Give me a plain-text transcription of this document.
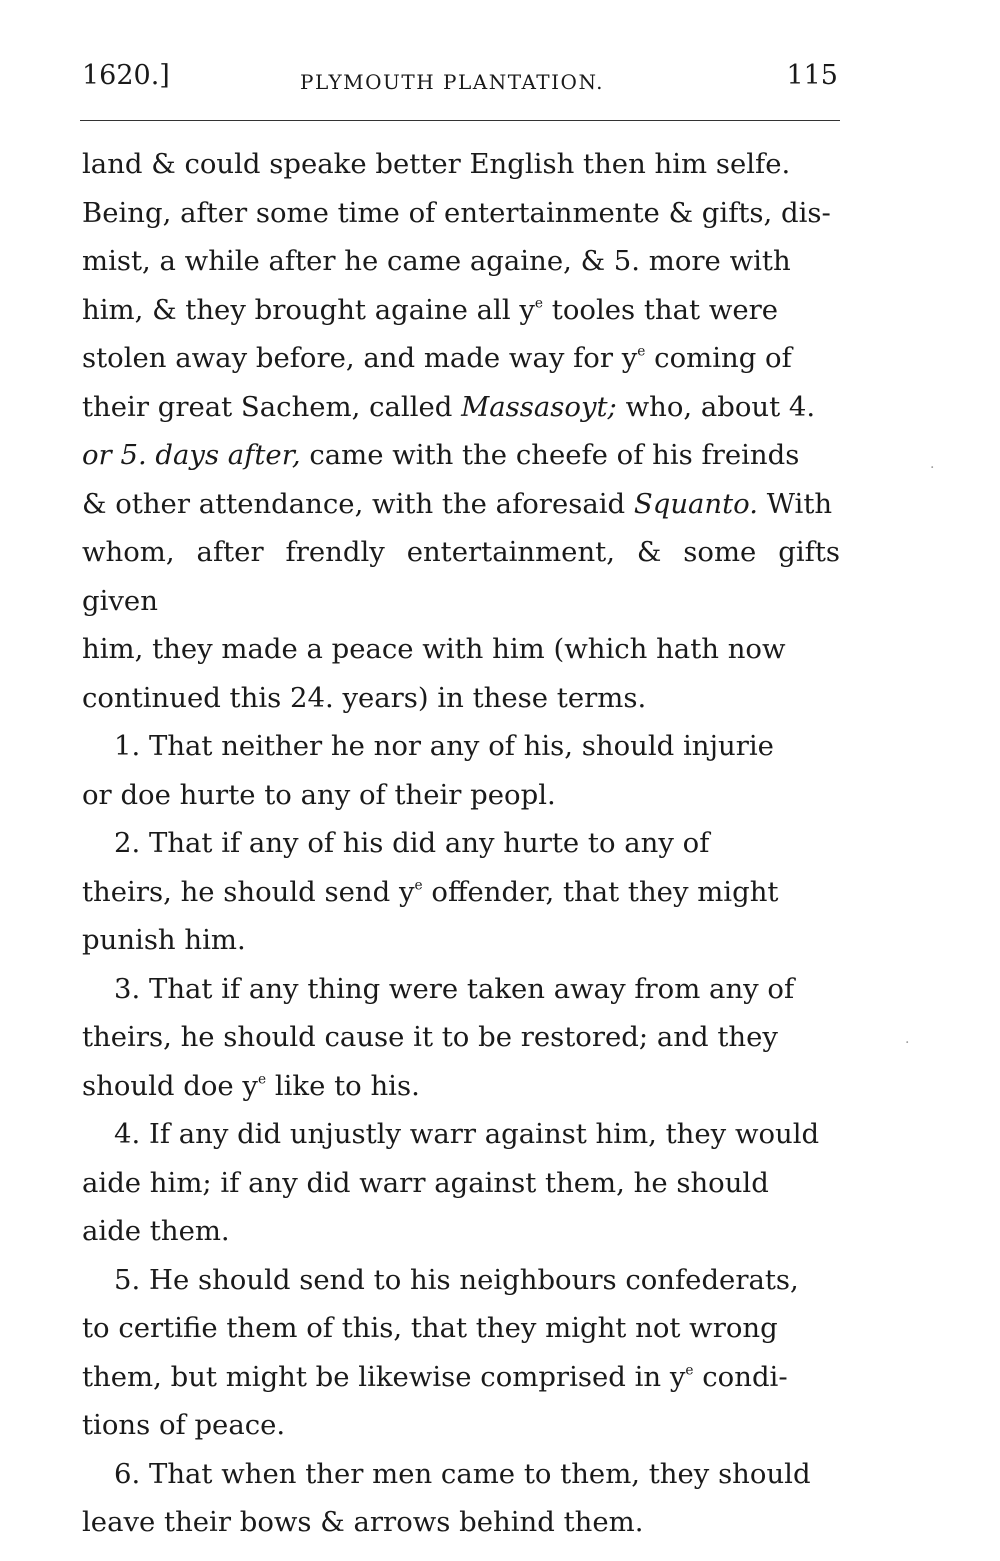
1620.]	PLYMOUTH PLANTATION.	115

land & could speake better English then him selfe.

Being, after some time of entertainmente & gifts, dis-

mist, a while after he came againe, & 5. more with

him, & they brought againe all $y^e$ tooles that were

stolen away before, and made way for $y^e$ coming of

their great Sachem, called Massasoyt; who, about 4.

or 5. days after, came with the cheefe of his freinds

& other attendance, with the aforesaid Squanto. With

whom, after frendly entertainment, & some gifts given

him, they made a peace with him (which hath now

continued this 24. years) in these terms.

1. That neither he nor any of his, should injurie

or doe hurte to any of their peopl.

2. That if any of his did any hurte to any of

theirs, he should send $y^e$ offender, that they might

punish him.

3. That if any thing were taken away from any of

theirs, he should cause it to be restored; and they

should doe $y^e$ like to his.

4. If any did unjustly warr against him, they would

aide him; if any did warr against them, he should

aide them.

5. He should send to his neighbours confederats,

to certifie them of this, that they might not wrong

them, but might be likewise comprised in $y^e$ condi-

tions of peace.

6. That when ther men came to them, they should

leave their bows & arrows behind them.

·
·
